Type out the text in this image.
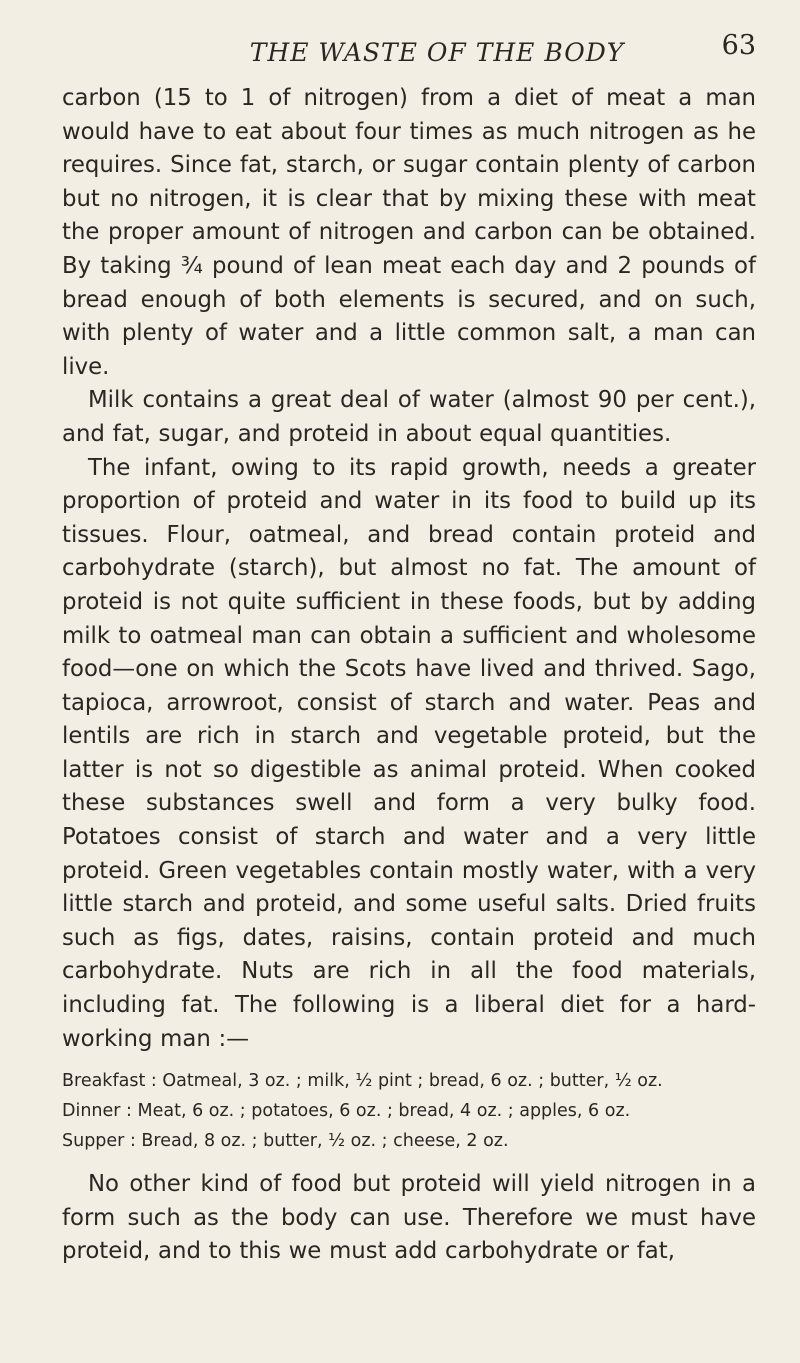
THE WASTE OF THE BODY	63

carbon (15 to 1 of nitrogen) from a diet of meat a man would have to eat about four times as much nitrogen as he requires. Since fat, starch, or sugar contain plenty of carbon but no nitrogen, it is clear that by mixing these with meat the proper amount of nitrogen and carbon can be obtained. By taking ¾ pound of lean meat each day and 2 pounds of bread enough of both elements is secured, and on such, with plenty of water and a little common salt, a man can live.

Milk contains a great deal of water (almost 90 per cent.), and fat, sugar, and proteid in about equal quantities.

The infant, owing to its rapid growth, needs a greater proportion of proteid and water in its food to build up its tissues. Flour, oatmeal, and bread contain proteid and carbohydrate (starch), but almost no fat. The amount of proteid is not quite sufficient in these foods, but by adding milk to oatmeal man can obtain a sufficient and wholesome food—one on which the Scots have lived and thrived. Sago, tapioca, arrowroot, consist of starch and water. Peas and lentils are rich in starch and vegetable proteid, but the latter is not so digestible as animal proteid. When cooked these substances swell and form a very bulky food. Potatoes consist of starch and water and a very little proteid. Green vegetables contain mostly water, with a very little starch and proteid, and some useful salts. Dried fruits such as figs, dates, raisins, contain proteid and much carbohydrate. Nuts are rich in all the food materials, including fat. The following is a liberal diet for a hard-working man :—

Breakfast : Oatmeal, 3 oz. ; milk, ½ pint ; bread, 6 oz. ; butter, ½ oz.
Dinner : Meat, 6 oz. ; potatoes, 6 oz. ; bread, 4 oz. ; apples, 6 oz.
Supper : Bread, 8 oz. ; butter, ½ oz. ; cheese, 2 oz.

No other kind of food but proteid will yield nitrogen in a form such as the body can use. Therefore we must have proteid, and to this we must add carbohydrate or fat,
